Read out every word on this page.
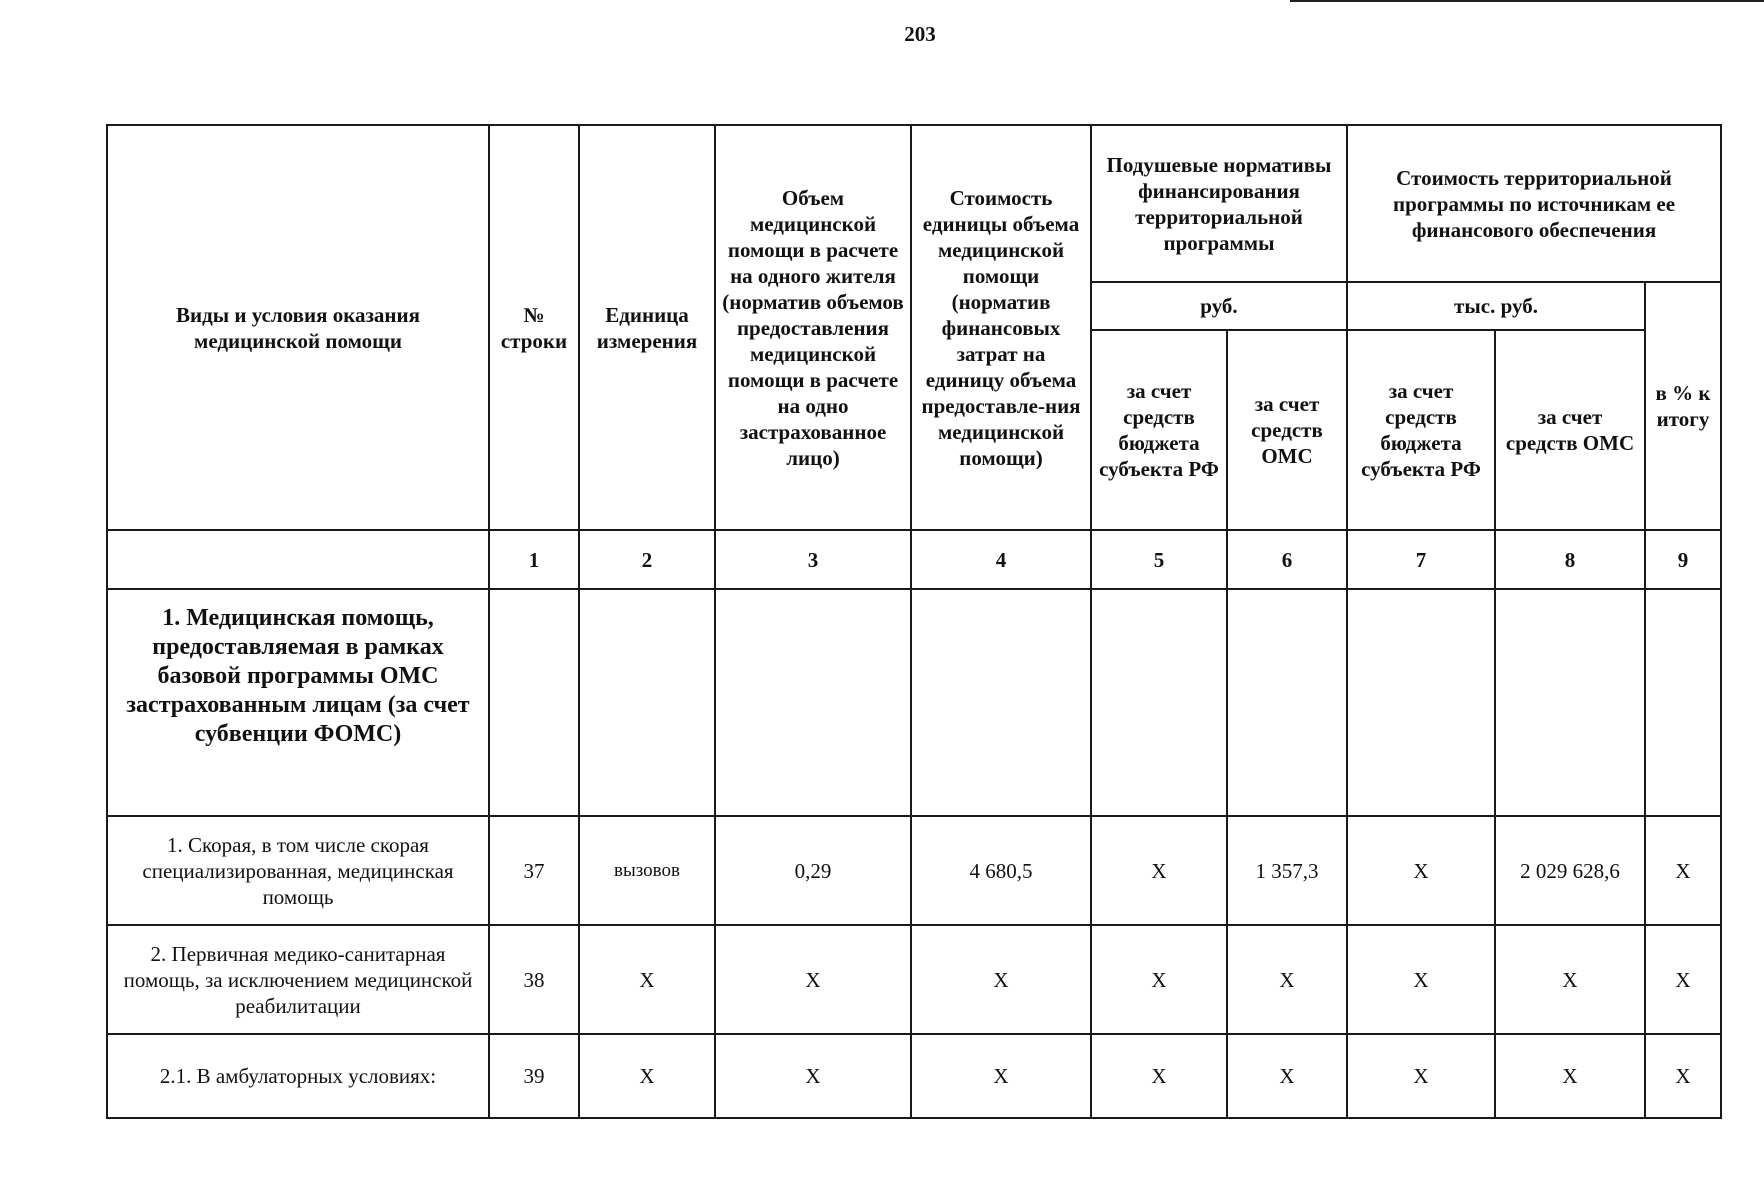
203
Виды и условия оказания медицинской помощи	№ строки	Единица измерения	Объем медицинской помощи в расчете на одного жителя (норматив объемов предоставления медицинской помощи в расчете на одно застрахованное лицо)	Стоимость единицы объема медицинской помощи (норматив финансовых затрат на единицу объема предоставле-ния медицинской помощи)	Подушевые нормативы финансирования территориальной программы		Стоимость территориальной программы по источникам ее финансового обеспечения		
					руб.		тыс. руб.		в % к итогу
					за счет средств бюджета субъекта РФ	за счет средств ОМС	за счет средств бюджета субъекта РФ	за счет средств ОМС	
	1	2	3	4	5	6	7	8	9
1. Медицинская помощь, предоставляемая в рамках базовой программы ОМС застрахованным лицам (за счет субвенции ФОМС)									
1. Скорая, в том числе скорая специализированная, медицинская помощь	37	вызовов	0,29	4 680,5	Х	1 357,3	Х	2 029 628,6	Х
2. Первичная медико-санитарная помощь, за исключением медицинской реабилитации	38	Х	Х	Х	Х	Х	Х	Х	Х
2.1. В амбулаторных условиях:	39	Х	Х	Х	Х	Х	Х	Х	Х
